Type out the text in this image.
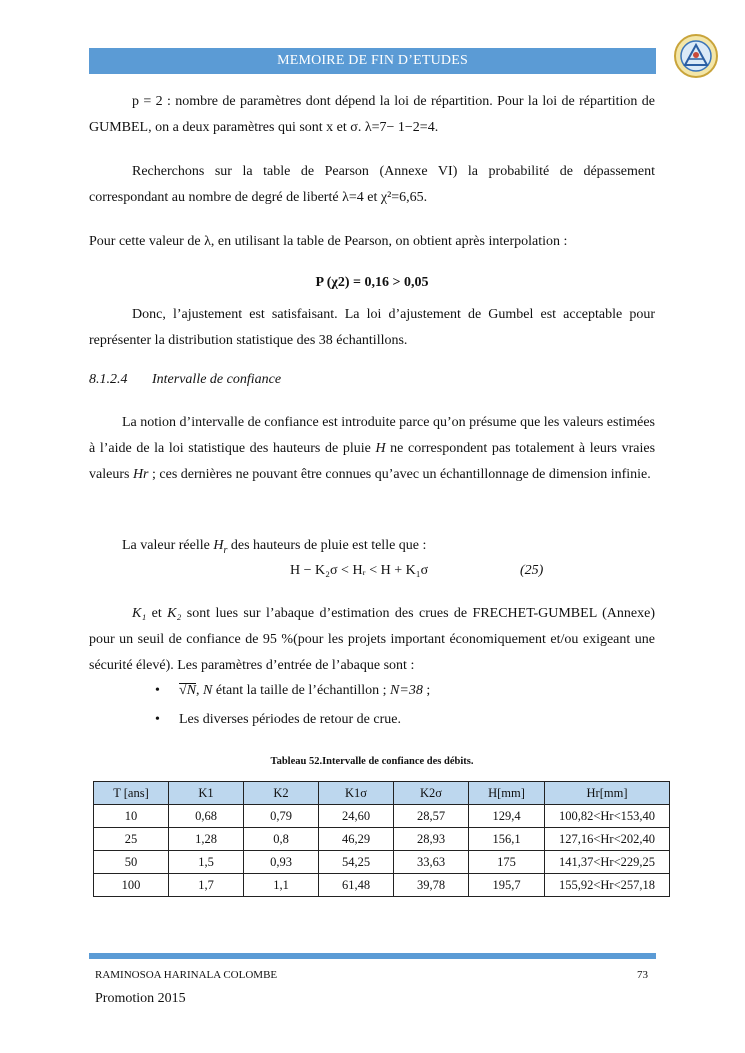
MEMOIRE DE FIN D’ETUDES

p = 2 : nombre de paramètres dont dépend la loi de répartition. Pour la loi de répartition de GUMBEL, on a deux paramètres qui sont x et σ. λ=7− 1−2=4.

Recherchons sur la table de Pearson (Annexe VI) la probabilité de dépassement correspondant au nombre de degré de liberté λ=4 et χ²=6,65.

Pour cette valeur de λ, en utilisant la table de Pearson, on obtient après interpolation :

P (χ2) = 0,16 > 0,05

Donc, l’ajustement est satisfaisant. La loi d’ajustement de Gumbel est acceptable pour représenter la distribution statistique des 38 échantillons.

8.1.2.4 Intervalle de confiance

La notion d’intervalle de confiance est introduite parce qu’on présume que les valeurs estimées à l’aide de la loi statistique des hauteurs de pluie H ne correspondent pas totalement à leurs vraies valeurs Hr ; ces dernières ne pouvant être connues qu’avec un échantillonnage de dimension infinie.

La valeur réelle $H_r$ des hauteurs de pluie est telle que :

H − K₂σ < Hᵣ < H + K₁σ	(25)

K₁ et K₂ sont lues sur l’abaque d’estimation des crues de FRECHET-GUMBEL (Annexe) pour un seuil de confiance de 95 %(pour les projets important économiquement et/ou exigeant une sécurité élevé). Les paramètres d’entrée de l’abaque sont :

• √N, N étant la taille de l’échantillon ; N=38 ;
• Les diverses périodes de retour de crue.
Tableau 52.Intervalle de confiance des débits.
T [ans]	K1	K2	K1σ	K2σ	H[mm]	Hr[mm]
10	0,68	0,79	24,60	28,57	129,4	100,82<Hr<153,40
25	1,28	0,8	46,29	28,93	156,1	127,16<Hr<202,40
50	1,5	0,93	54,25	33,63	175	141,37<Hr<229,25
100	1,7	1,1	61,48	39,78	195,7	155,92<Hr<257,18
RAMINOSOA HARINALA COLOMBE	73
Promotion 2015
